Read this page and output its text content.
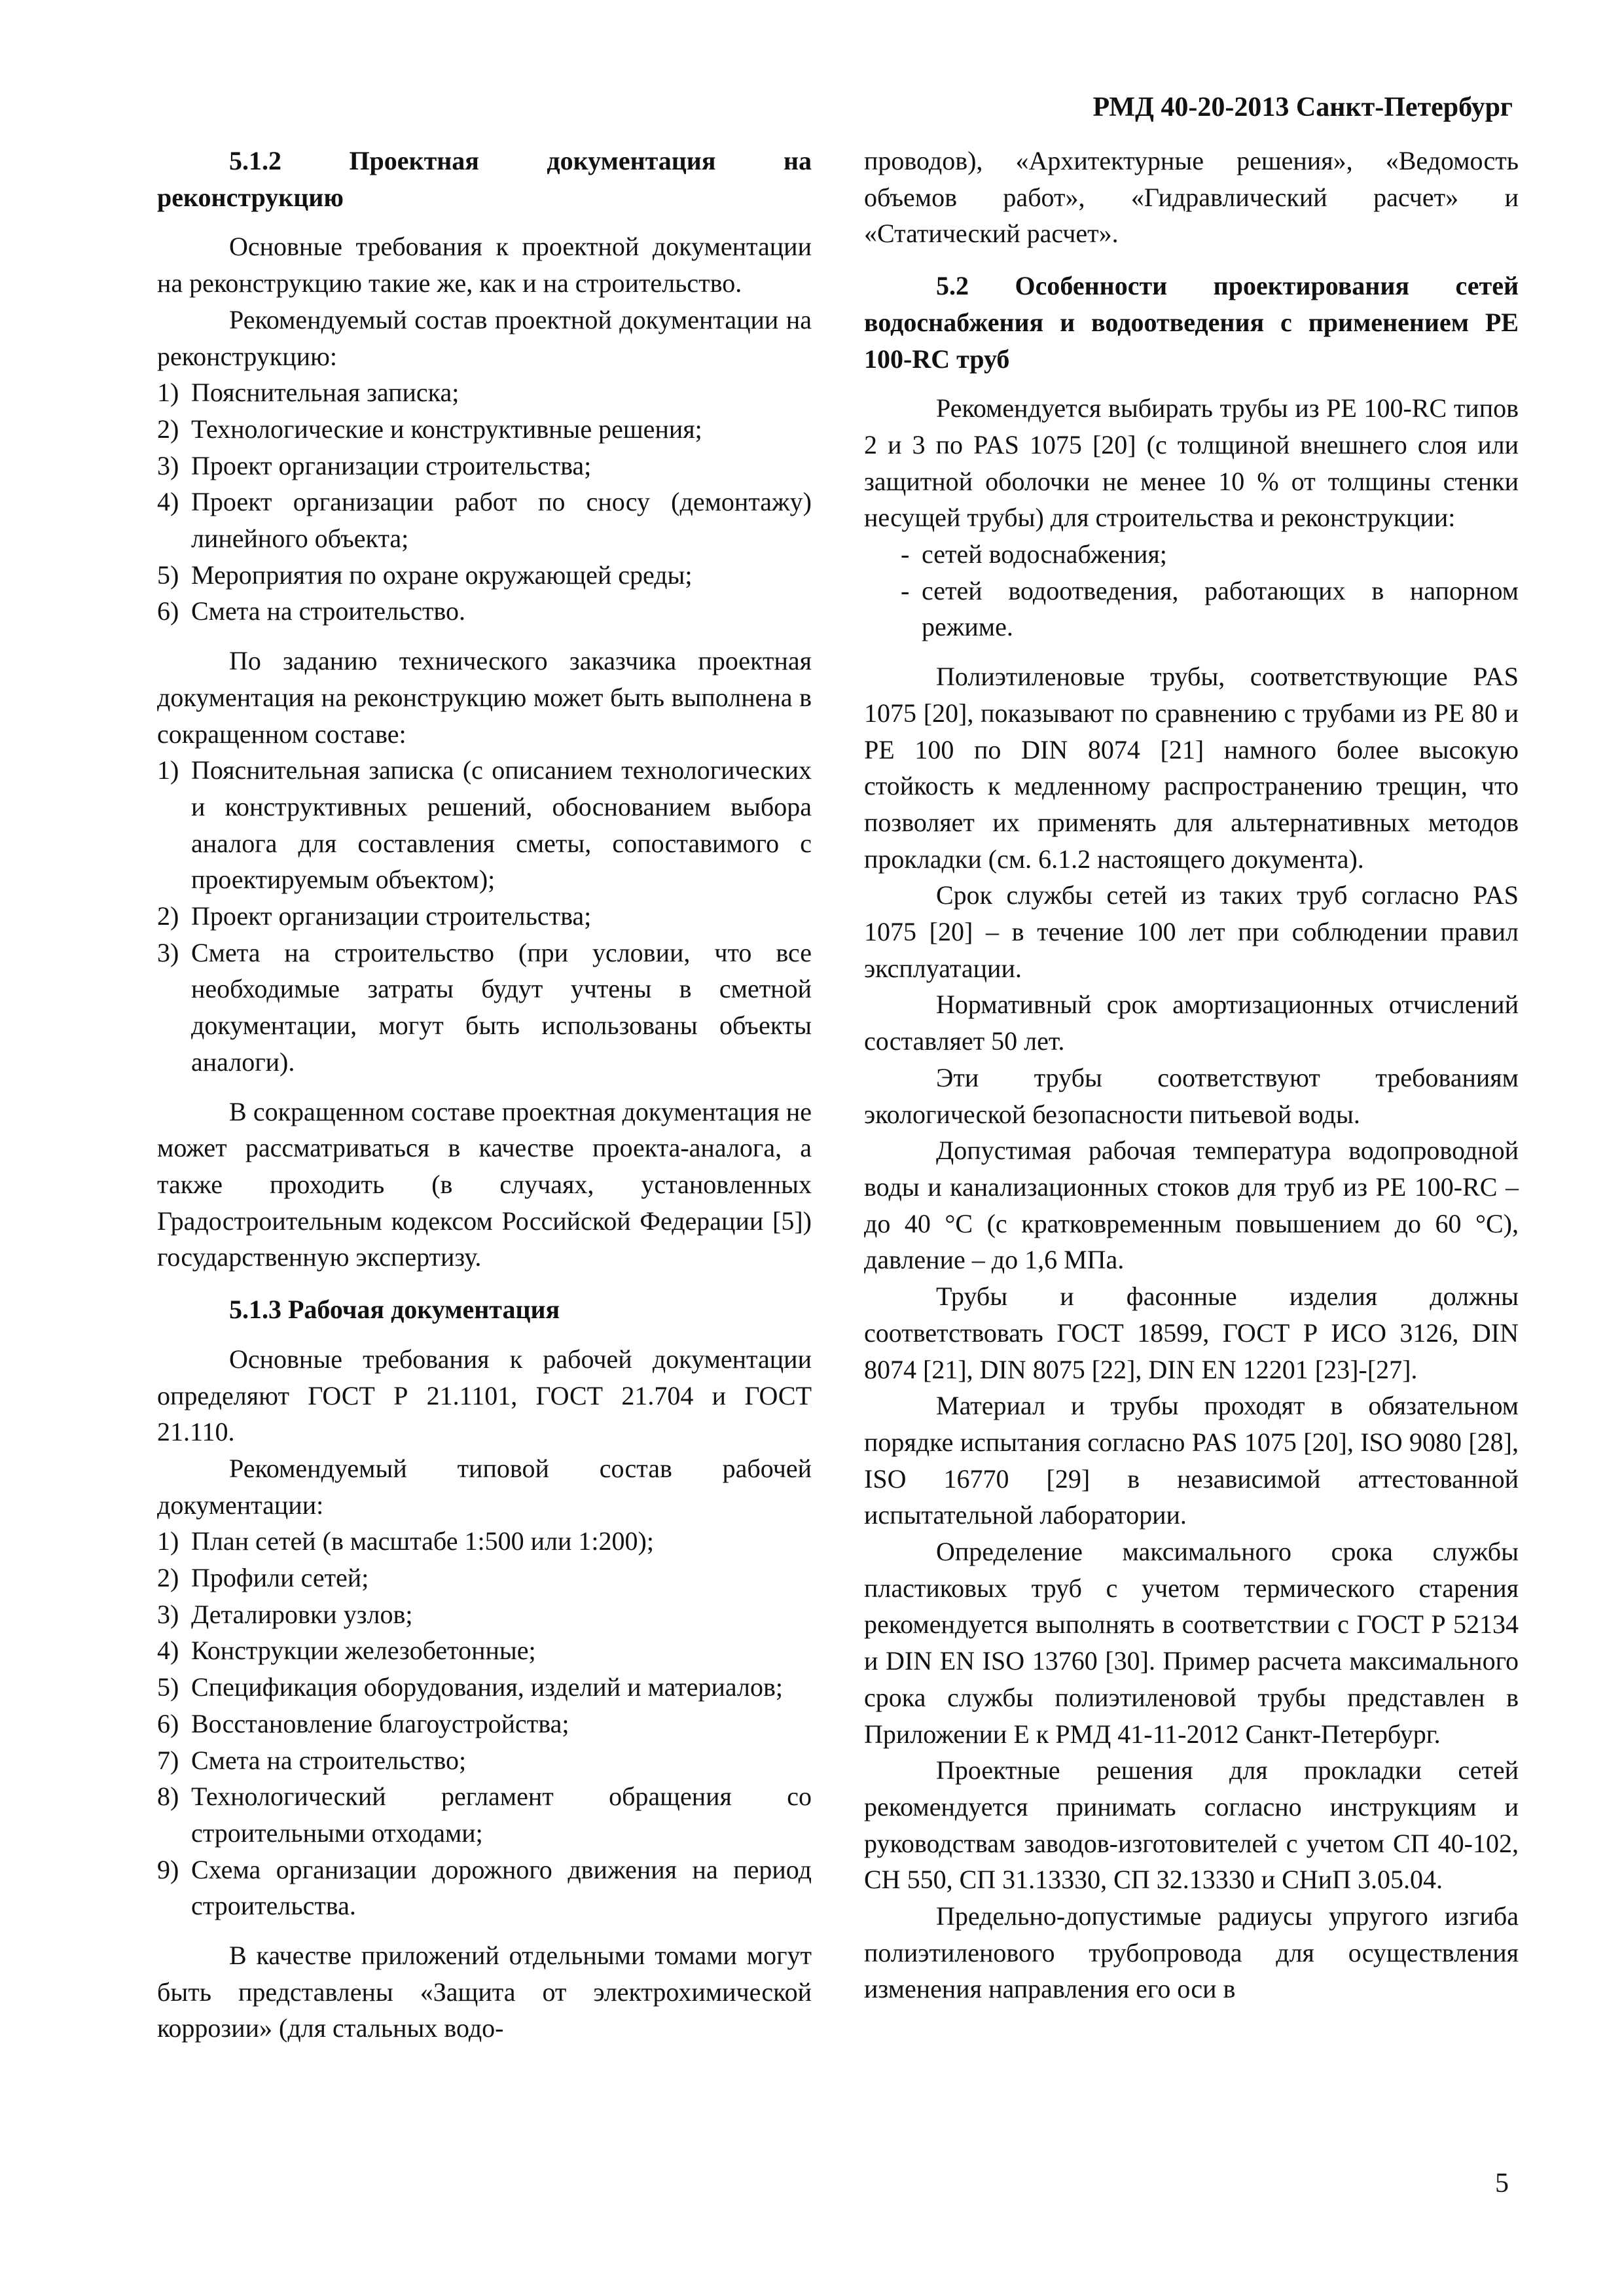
РМД 40-20-2013 Санкт-Петербург
5.1.2 Проектная документация на реконструкцию

Основные требования к проектной документации на реконструкцию такие же, как и на строительство.

Рекомендуемый состав проектной документации на реконструкцию:

1) Пояснительная записка;
2) Технологические и конструктивные решения;
3) Проект организации строительства;
4) Проект организации работ по сносу (демонтажу) линейного объекта;
5) Мероприятия по охране окружающей среды;
6) Смета на строительство.

По заданию технического заказчика проектная документация на реконструкцию может быть выполнена в сокращенном составе:

1) Пояснительная записка (с описанием технологических и конструктивных решений, обоснованием выбора аналога для составления сметы, сопоставимого с проектируемым объектом);
2) Проект организации строительства;
3) Смета на строительство (при условии, что все необходимые затраты будут учтены в сметной документации, могут быть использованы объекты аналоги).

В сокращенном составе проектная документация не может рассматриваться в качестве проекта-аналога, а также проходить (в случаях, установленных Градостроительным кодексом Российской Федерации [5]) государственную экспертизу.

5.1.3 Рабочая документация

Основные требования к рабочей документации определяют ГОСТ Р 21.1101, ГОСТ 21.704 и ГОСТ 21.110.

Рекомендуемый типовой состав рабочей документации:

1) План сетей (в масштабе 1:500 или 1:200);
2) Профили сетей;
3) Деталировки узлов;
4) Конструкции железобетонные;
5) Спецификация оборудования, изделий и материалов;
6) Восстановление благоустройства;
7) Смета на строительство;
8) Технологический регламент обращения со строительными отходами;
9) Схема организации дорожного движения на период строительства.

В качестве приложений отдельными томами могут быть представлены «Защита от электрохимической коррозии» (для стальных водо-

проводов), «Архитектурные решения», «Ведомость объемов работ», «Гидравлический расчет» и «Статический расчет».

5.2 Особенности проектирования сетей водоснабжения и водоотведения с применением PE 100-RC труб

Рекомендуется выбирать трубы из PE 100-RC типов 2 и 3 по PAS 1075 [20] (с толщиной внешнего слоя или защитной оболочки не менее 10 % от толщины стенки несущей трубы) для строительства и реконструкции:

- сетей водоснабжения;
- сетей водоотведения, работающих в напорном режиме.

Полиэтиленовые трубы, соответствующие PAS 1075 [20], показывают по сравнению с трубами из PE 80 и PE 100 по DIN 8074 [21] намного более высокую стойкость к медленному распространению трещин, что позволяет их применять для альтернативных методов прокладки (см. 6.1.2 настоящего документа).

Срок службы сетей из таких труб согласно PAS 1075 [20] – в течение 100 лет при соблюдении правил эксплуатации.

Нормативный срок амортизационных отчислений составляет 50 лет.

Эти трубы соответствуют требованиям экологической безопасности питьевой воды.

Допустимая рабочая температура водопроводной воды и канализационных стоков для труб из PE 100-RC – до 40 °С (с кратковременным повышением до 60 °С), давление – до 1,6 МПа.

Трубы и фасонные изделия должны соответствовать ГОСТ 18599, ГОСТ Р ИСО 3126, DIN 8074 [21], DIN 8075 [22], DIN EN 12201 [23]-[27].

Материал и трубы проходят в обязательном порядке испытания согласно PAS 1075 [20], ISO 9080 [28], ISO 16770 [29] в независимой аттестованной испытательной лаборатории.

Определение максимального срока службы пластиковых труб с учетом термического старения рекомендуется выполнять в соответствии с ГОСТ Р 52134 и DIN EN ISO 13760 [30]. Пример расчета максимального срока службы полиэтиленовой трубы представлен в Приложении Е к РМД 41-11-2012 Санкт-Петербург.

Проектные решения для прокладки сетей рекомендуется принимать согласно инструкциям и руководствам заводов-изготовителей с учетом СП 40-102, СН 550, СП 31.13330, СП 32.13330 и СНиП 3.05.04.

Предельно-допустимые радиусы упругого изгиба полиэтиленового трубопровода для осуществления изменения направления его оси в

5
